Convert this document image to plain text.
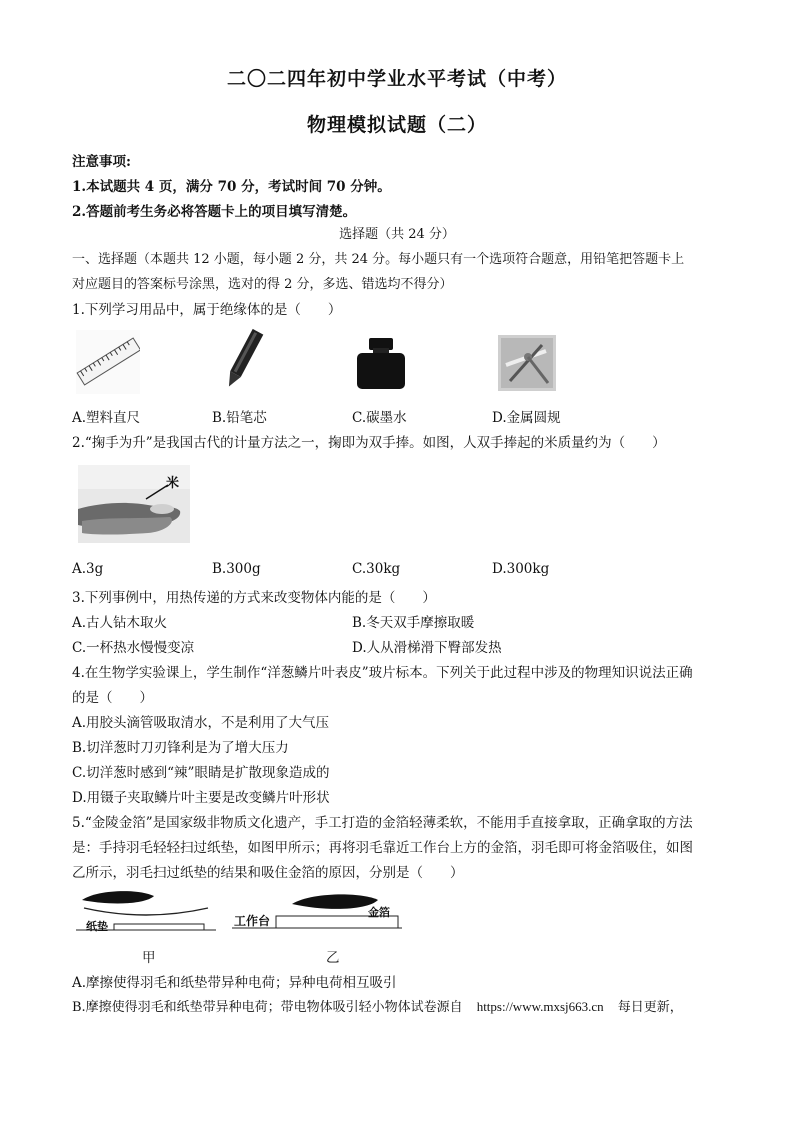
二〇二四年初中学业水平考试（中考）
物理模拟试题（二）
注意事项:
1.本试题共 4 页，满分 70 分，考试时间 70 分钟。
2.答题前考生务必将答题卡上的项目填写清楚。
选择题（共 24 分）
一、选择题（本题共 12 小题，每小题 2 分，共 24 分。每小题只有一个选项符合题意，用铅笔把答题卡上
对应题目的答案标号涂黑，选对的得 2 分，多选、错选均不得分）
1.下列学习用品中，属于绝缘体的是（　　）
A.塑料直尺	B.铅笔芯	C.碳墨水	D.金属圆规
2.“掬手为升”是我国古代的计量方法之一，掬即为双手捧。如图，人双手捧起的米质量约为（　　）
米
A.3g	B.300g	C.30kg	D.300kg
3.下列事例中，用热传递的方式来改变物体内能的是（　　）
A.古人钻木取火	B.冬天双手摩擦取暖
C.一杯热水慢慢变凉	D.人从滑梯滑下臀部发热
4.在生物学实验课上，学生制作“洋葱鳞片叶表皮”玻片标本。下列关于此过程中涉及的物理知识说法正确
的是（　　）
A.用胶头滴管吸取清水，不是利用了大气压
B.切洋葱时刀刃锋利是为了增大压力
C.切洋葱时感到“辣”眼睛是扩散现象造成的
D.用镊子夹取鳞片叶主要是改变鳞片叶形状
5.“金陵金箔”是国家级非物质文化遗产，手工打造的金箔轻薄柔软，不能用手直接拿取，正确拿取的方法
是：手持羽毛轻轻扫过纸垫，如图甲所示；再将羽毛靠近工作台上方的金箔，羽毛即可将金箔吸住，如图
乙所示，羽毛扫过纸垫的结果和吸住金箔的原因，分别是（　　）
纸垫
甲
工作台
金箔
乙
A.摩擦使得羽毛和纸垫带异种电荷；异种电荷相互吸引
B.摩擦使得羽毛和纸垫带异种电荷；带电物体吸引轻小物体试卷源自 https://www.mxsj663.cn 每日更新，
